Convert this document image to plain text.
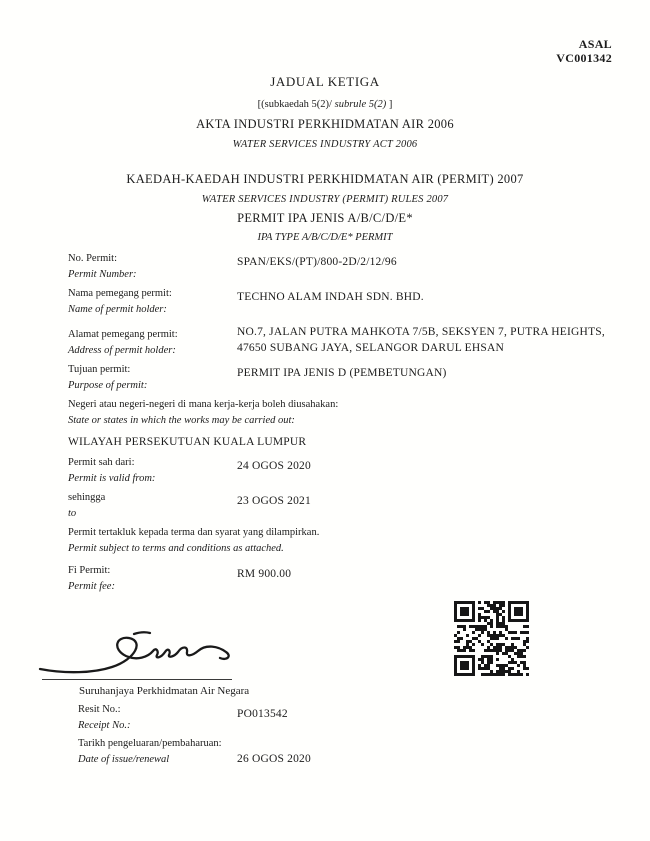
ASAL
VC001342
JADUAL KETIGA
[(subkaedah 5(2)/ subrule 5(2) ]
AKTA INDUSTRI PERKHIDMATAN AIR 2006
WATER SERVICES INDUSTRY ACT 2006
KAEDAH-KAEDAH INDUSTRI PERKHIDMATAN AIR (PERMIT) 2007
WATER SERVICES INDUSTRY (PERMIT) RULES 2007
PERMIT IPA JENIS A/B/C/D/E*
IPA TYPE A/B/C/D/E* PERMIT
No. Permit:
Permit Number:
SPAN/EKS/(PT)/800-2D/2/12/96
Nama pemegang permit:
Name of permit holder:
TECHNO ALAM INDAH SDN. BHD.
Alamat pemegang permit:
Address of permit holder:
NO.7, JALAN PUTRA MAHKOTA 7/5B, SEKSYEN 7, PUTRA HEIGHTS, 47650 SUBANG JAYA, SELANGOR DARUL EHSAN
Tujuan permit:
Purpose of permit:
PERMIT IPA JENIS D (PEMBETUNGAN)
Negeri atau negeri-negeri di mana kerja-kerja boleh diusahakan:
State or states in which the works may be carried out:
WILAYAH PERSEKUTUAN KUALA LUMPUR
Permit sah dari:
Permit is valid from:
24 OGOS 2020
sehingga
to
23 OGOS 2021
Permit tertakluk kepada terma dan syarat yang dilampirkan.
Permit subject to terms and conditions as attached.
Fi Permit:
Permit fee:
RM 900.00
Suruhanjaya Perkhidmatan Air Negara
Resit No.:
Receipt No.:
PO013542
Tarikh pengeluaran/pembaharuan:
Date of issue/renewal	26 OGOS 2020
